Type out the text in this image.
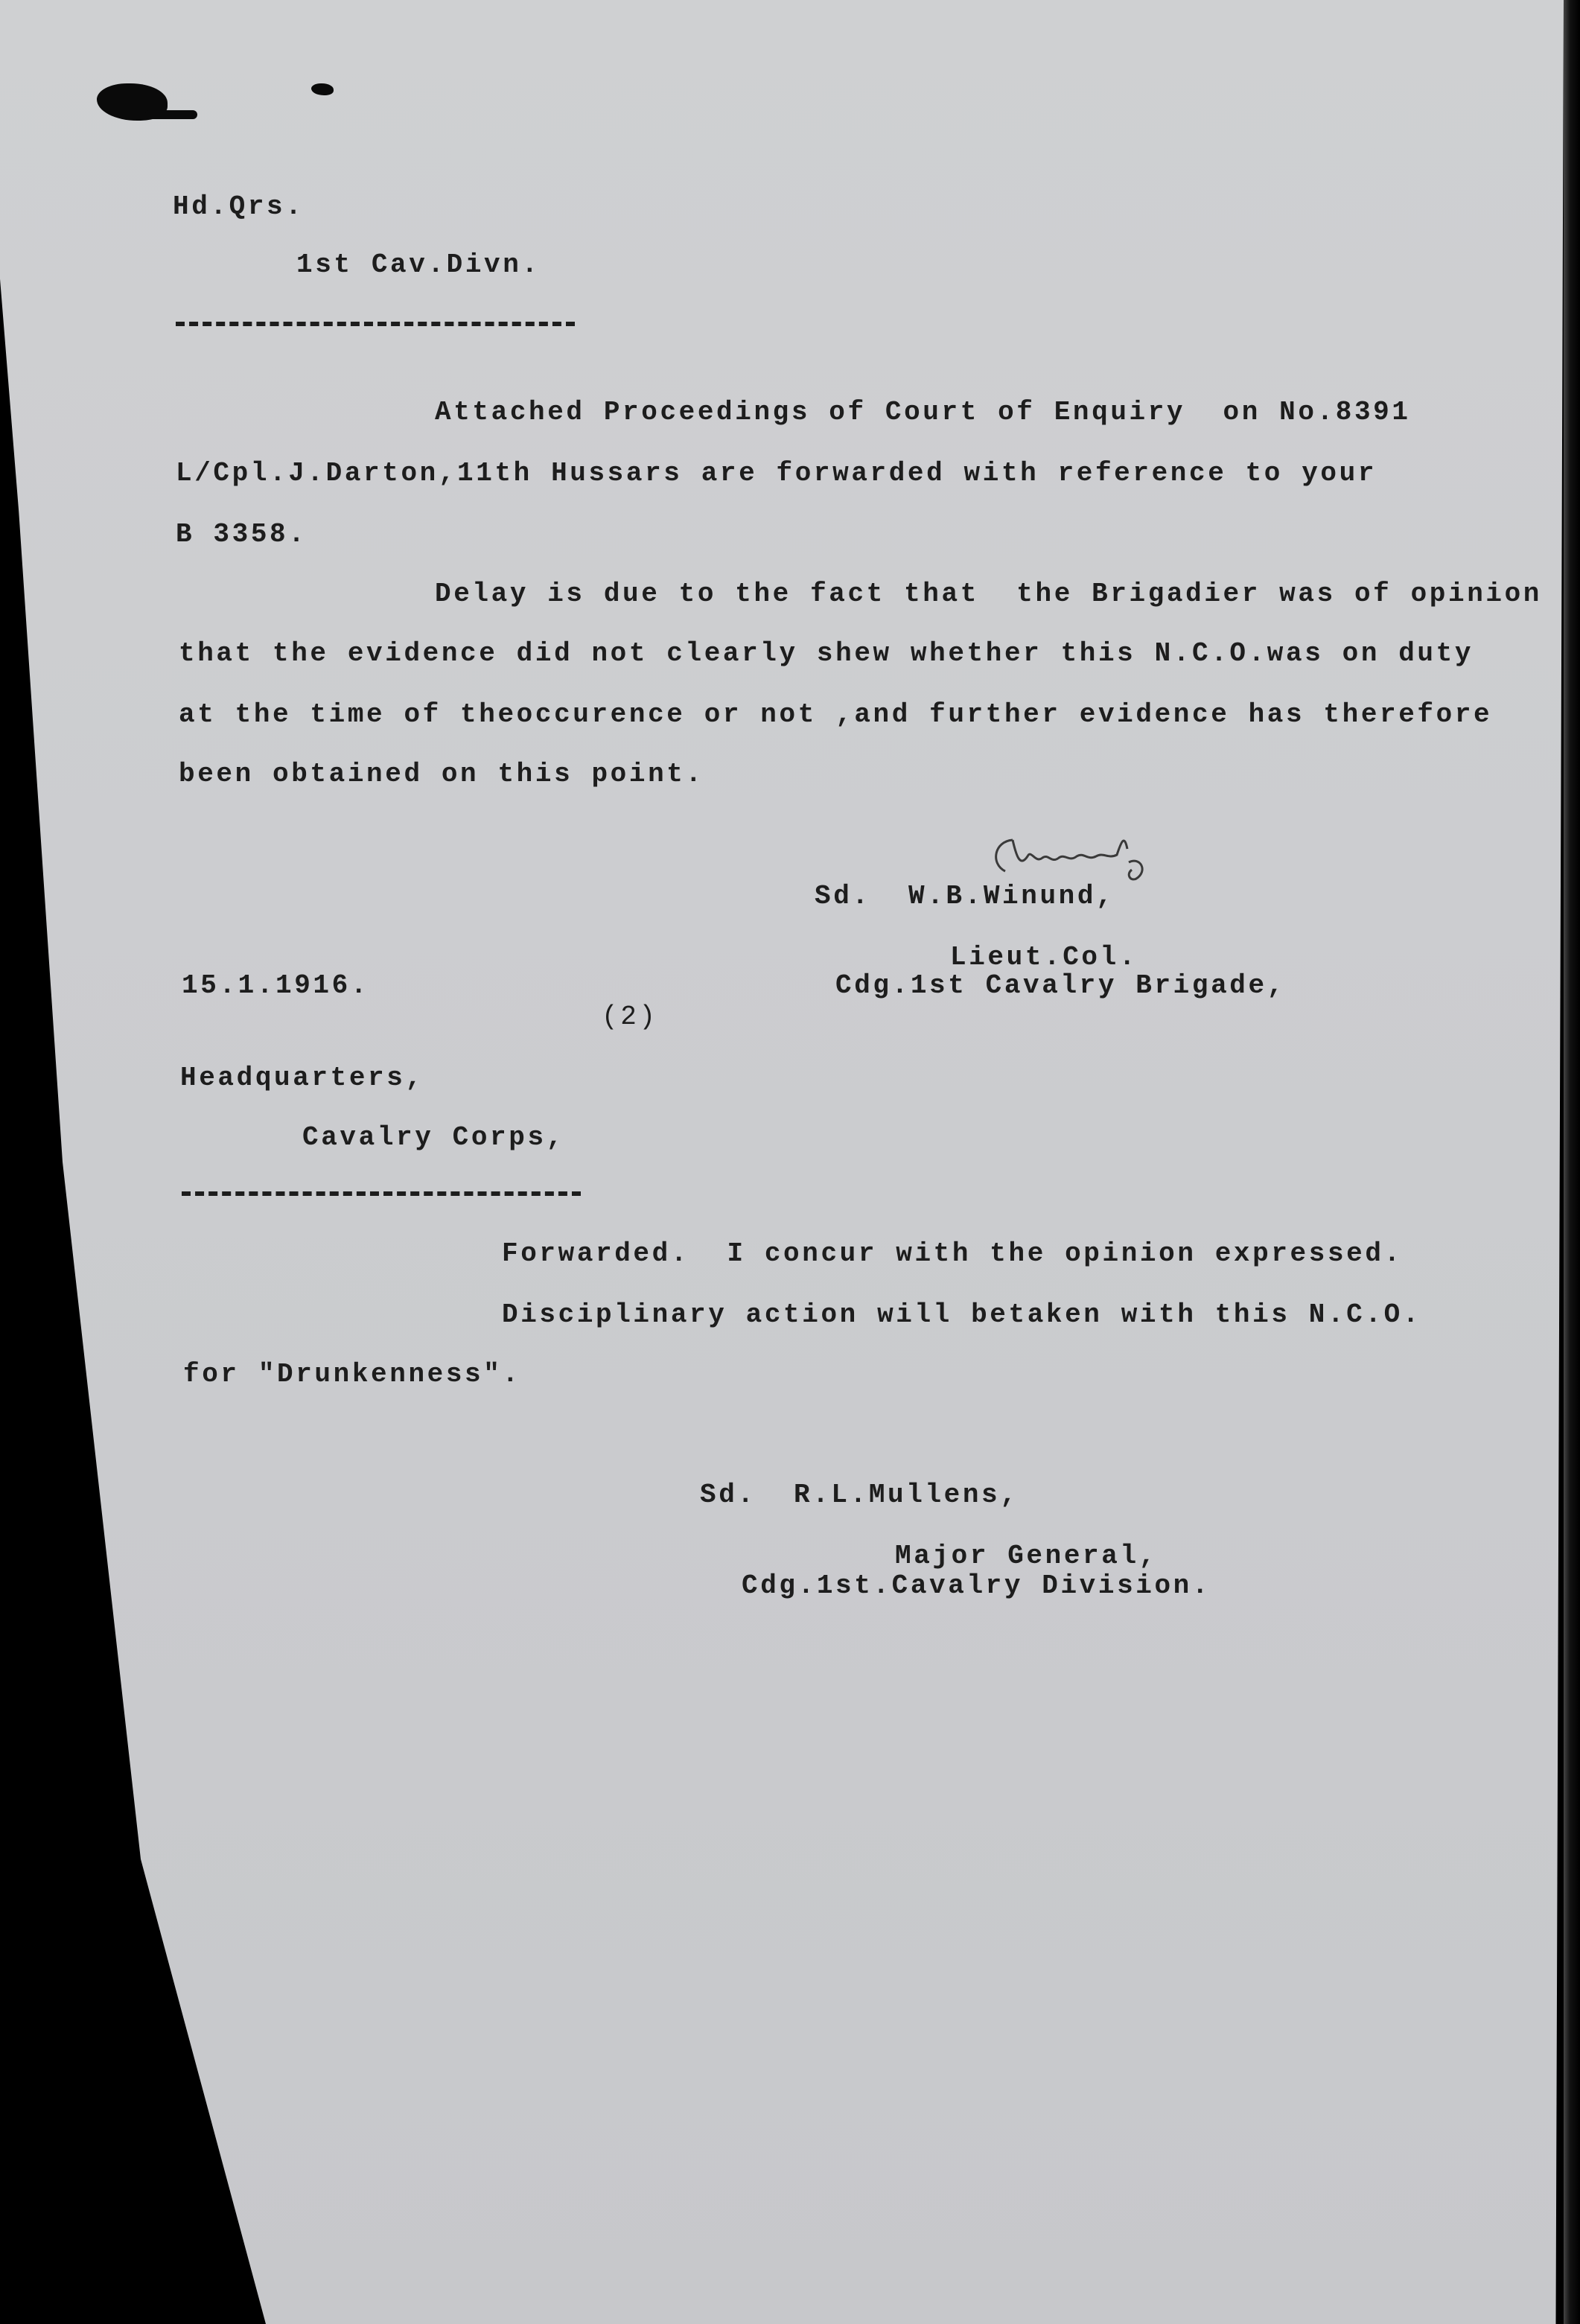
Hd.Qrs.
1st Cav.Divn.
Attached Proceedings of Court of Enquiry  on No.8391
L/Cpl.J.Darton,11th Hussars are forwarded with reference to your
B 3358.
Delay is due to the fact that  the Brigadier was of opinion
that the evidence did not clearly shew whether this N.C.O.was on duty
at the time of theoccurence or not ,and further evidence has therefore
been obtained on this point.
Sd.  W.B.Winund,
Lieut.Col.
15.1.1916.	Cdg.1st Cavalry Brigade,
(2)
Headquarters,
Cavalry Corps,
Forwarded.  I concur with the opinion expressed.
Disciplinary action will betaken with this N.C.O.
for "Drunkenness".
Sd.  R.L.Mullens,
Major General,
Cdg.1st.Cavalry Division.
